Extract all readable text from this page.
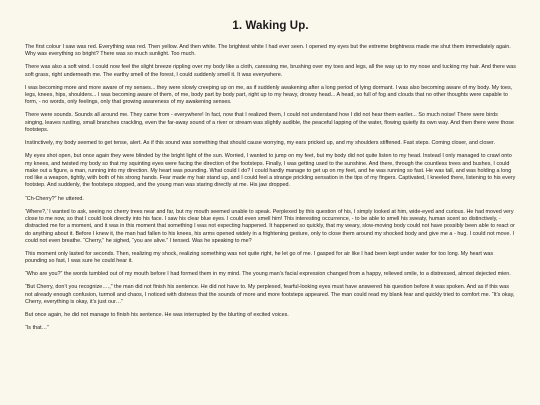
1. Waking Up.

The first colour I saw was red. Everything was red. Then yellow. And then white. The brightest white I had ever seen. I opened my eyes but the extreme brightness made me shut them immediately again. Why was everything so bright? There was so much sunlight. Too much.

There was also a soft wind. I could now feel the slight breeze rippling over my body like a cloth, caressing me, brushing over my toes and legs, all the way up to my nose and tucking my hair. And there was soft grass, right underneath me. The earthy smell of the forest, I could suddenly smell it. It was everywhere.

I was becoming more and more aware of my senses... they were slowly creeping up on me, as if suddenly awakening after a long period of lying dormant. I was also becoming aware of my body. My toes, legs, knees, hips, shoulders... I was becoming aware of them, of me, body part by body part, right up to my heavy, drowsy head... A head, so full of fog and clouds that no other thoughts were capable to form, - no words, only feelings, only that growing awareness of my awakening senses.

There were sounds. Sounds all around me. They came from - everywhere! In fact, now that I realized them, I could not understand how I did not hear them earlier... So much noise! There were birds singing, leaves rustling, small branches crackling, even the far-away sound of a river or stream was slightly audible, the peaceful lapping of the water, flowing quietly its own way. And then there were those footsteps.

Instinctively, my body seemed to get tense, alert. As if this sound was something that should cause worrying, my ears pricked up, and my shoulders stiffened. Fast steps. Coming closer, and closer.

My eyes shot open, but once again they were blinded by the bright light of the sun. Worried, I wanted to jump on my feet, but my body did not quite listen to my head. Instead I only managed to crawl onto my knees, and twisted my body so that my squinting eyes were facing the direction of the footsteps. Finally, I was getting used to the sunshine. And there, through the countless trees and bushes, I could make out a figure, a man, running into my direction. My heart was pounding. What could I do? I could hardly manage to get up on my feet, and he was running so fast. He was tall, and was holding a long rod like a weapon, tightly, with both of his strong hands. Fear made my hair stand up, and I could feel a strange prickling sensation in the tips of my fingers. Captivated, I kneeled there, listening to his every footstep. And suddenly, the footsteps stopped, and the young man was staring directly at me. His jaw dropped.

“Ch-Cherry?” he uttered.

‘Where?,’ I wanted to ask, seeing no cherry trees near and far, but my mouth seemed unable to speak. Perplexed by this question of his, I simply looked at him, wide-eyed and curious. He had moved very close to me now, so that I could look directly into his face. I saw his clear blue eyes. I could even smell him! This interesting occurrence, - to be able to smell his sweaty, human scent so distinctively, - distracted me for a moment, and it was in this moment that something I was not expecting happened. It happened so quickly, that my weary, slow-moving body could not have possibly been able to react or do anything about it. Before I knew it, the man had fallen to his knees, his arms opened widely in a frightening gesture, only to close them around my shocked body and give me a - hug. I could not move. I could not even breathe. “Cherry,” he sighed, “you are alive.” I tensed. Was he speaking to me?

This moment only lasted for seconds. Then, realizing my shock, realizing something was not quite right, he let go of me. I gasped for air like I had been kept under water for too long. My heart was pounding so fast, I was sure he could hear it.

“Who are you?” the words tumbled out of my mouth before I had formed them in my mind. The young man’s facial expression changed from a happy, relieved smile, to a distressed, almost dejected mien.

“But Cherry, don’t you recognize….,” the man did not finish his sentence. He did not have to. My perplexed, fearful-looking eyes must have answered his question before it was spoken. And as if this was not already enough confusion, turmoil and chaos, I noticed with distress that the sounds of more and more footsteps appeared. The man could read my blank fear and quickly tried to comfort me. “It’s okay, Cherry, everything is okay, it’s just our…”

But once again, he did not manage to finish his sentence. He was interrupted by the blurting of excited voices.

“Is that…”
